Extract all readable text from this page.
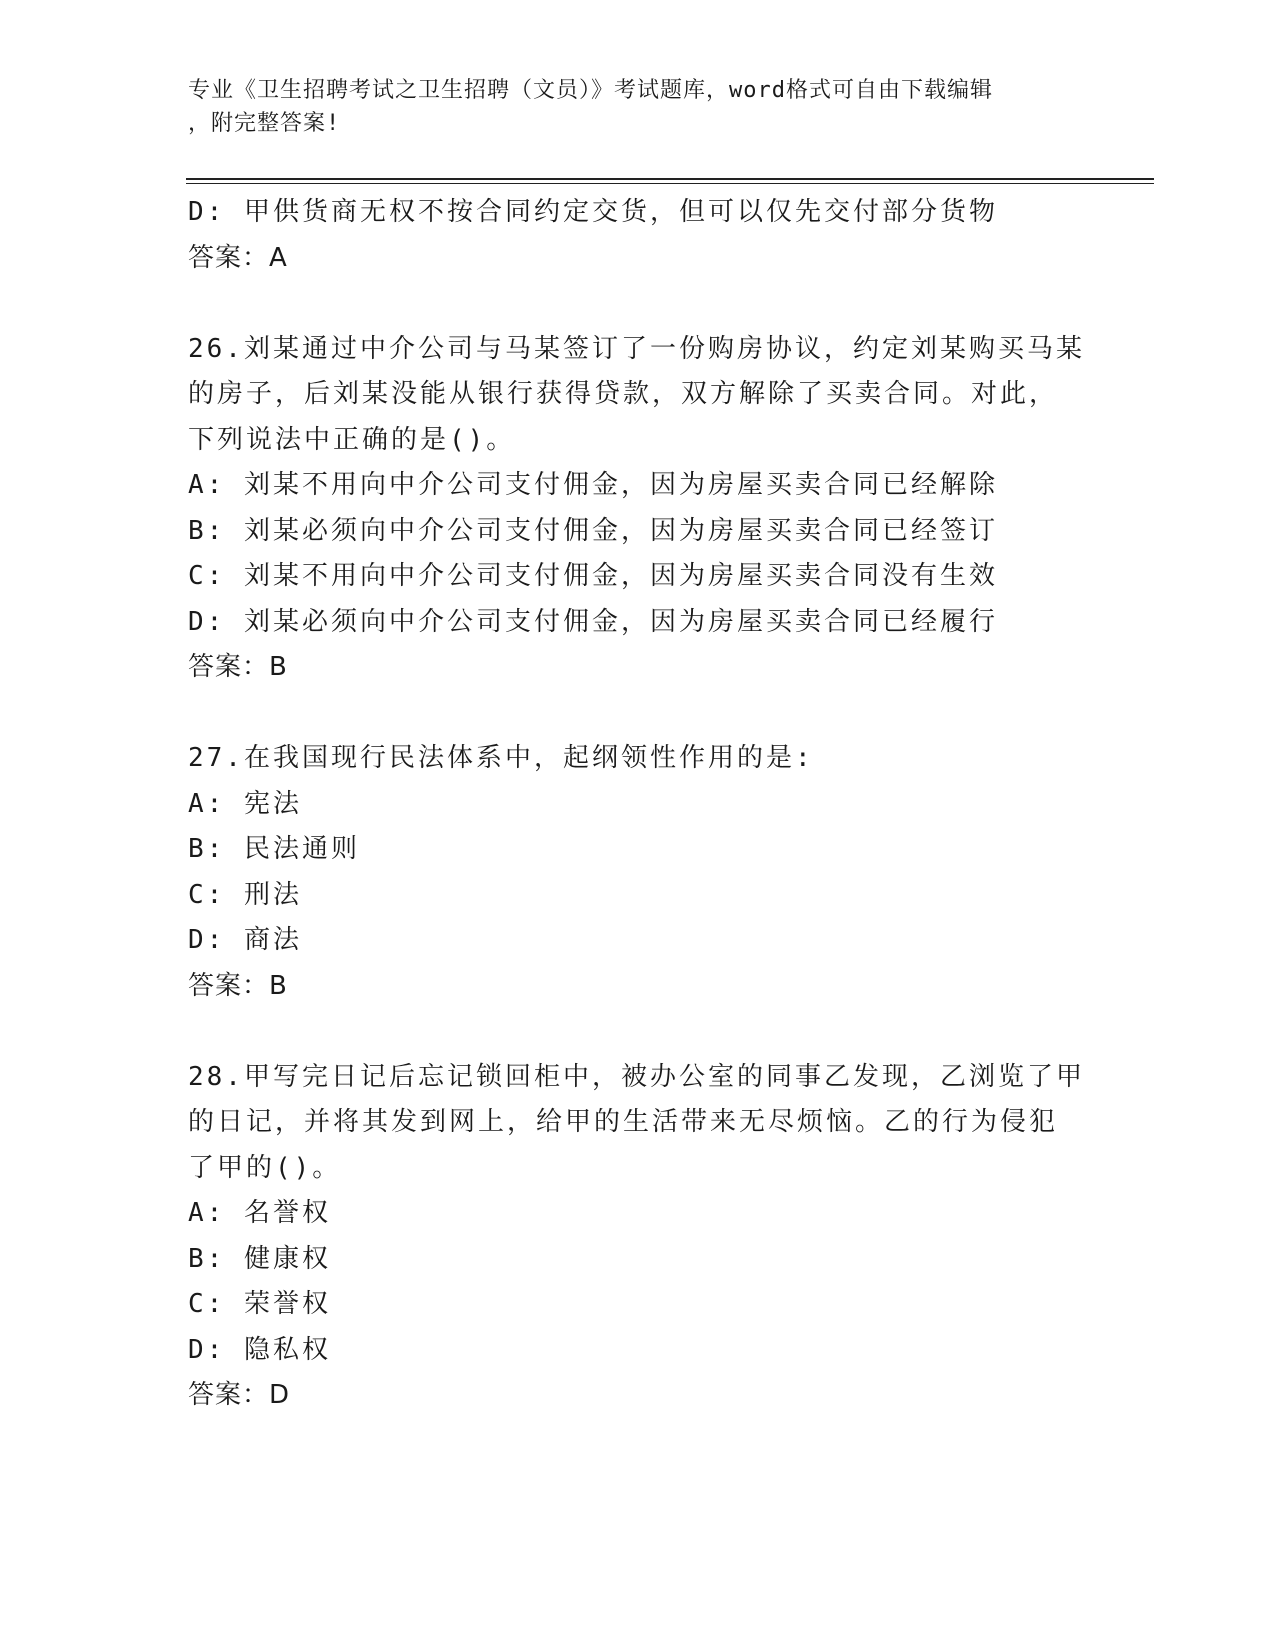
专业《卫生招聘考试之卫生招聘（文员）》考试题库，word格式可自由下载编辑
，附完整答案!
D: 甲供货商无权不按合同约定交货，但可以仅先交付部分货物
答案：A
26.刘某通过中介公司与马某签订了一份购房协议，约定刘某购买马某
的房子，后刘某没能从银行获得贷款，双方解除了买卖合同。对此，
下列说法中正确的是()。
A: 刘某不用向中介公司支付佣金，因为房屋买卖合同已经解除
B: 刘某必须向中介公司支付佣金，因为房屋买卖合同已经签订
C: 刘某不用向中介公司支付佣金，因为房屋买卖合同没有生效
D: 刘某必须向中介公司支付佣金，因为房屋买卖合同已经履行
答案：B
27.在我国现行民法体系中，起纲领性作用的是:
A: 宪法
B: 民法通则
C: 刑法
D: 商法
答案：B
28.甲写完日记后忘记锁回柜中，被办公室的同事乙发现，乙浏览了甲
的日记，并将其发到网上，给甲的生活带来无尽烦恼。乙的行为侵犯
了甲的()。
A: 名誉权
B: 健康权
C: 荣誉权
D: 隐私权
答案：D
